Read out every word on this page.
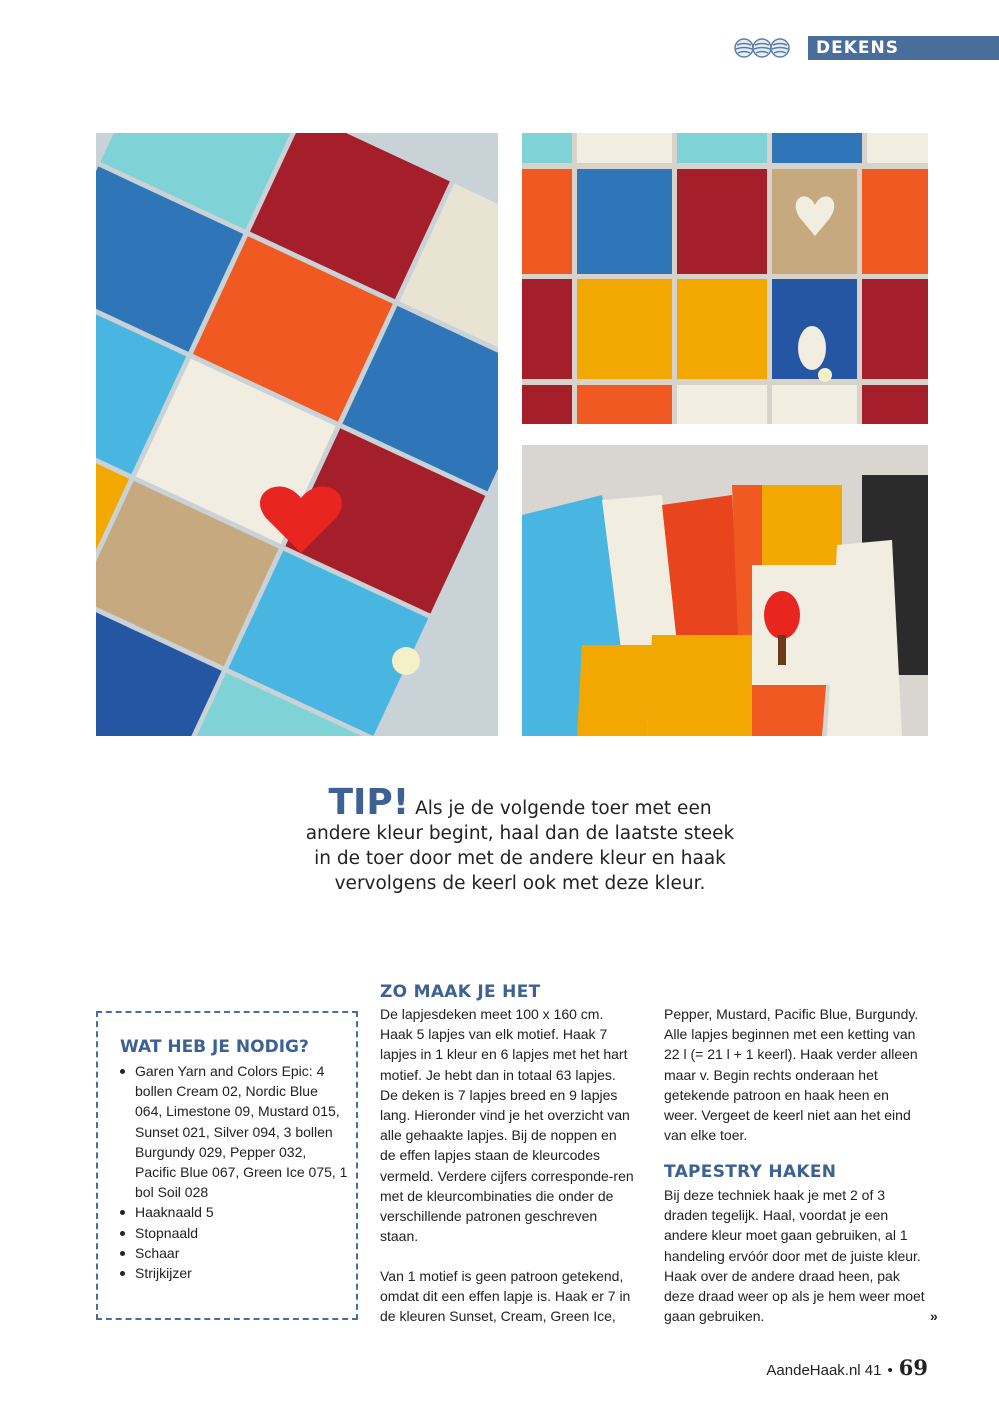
DEKENS
TIP! Als je de volgende toer met een andere kleur begint, haal dan de laatste steek in de toer door met de andere kleur en haak vervolgens de keerl ook met deze kleur.
WAT HEB JE NODIG?
Garen Yarn and Colors Epic: 4 bollen Cream 02, Nordic Blue 064, Limestone 09, Mustard 015, Sunset 021, Silver 094, 3 bollen Burgundy 029, Pepper 032, Pacific Blue 067, Green Ice 075, 1 bol Soil 028
Haaknaald 5
Stopnaald
Schaar
Strijkijzer
ZO MAAK JE HET

De lapjesdeken meet 100 x 160 cm. Haak 5 lapjes van elk motief. Haak 7 lapjes in 1 kleur en 6 lapjes met het hart motief. Je hebt dan in totaal 63 lapjes. De deken is 7 lapjes breed en 9 lapjes lang. Hieronder vind je het overzicht van alle gehaakte lapjes. Bij de noppen en de effen lapjes staan de kleurcodes vermeld. Verdere cijfers corresponde-ren met de kleurcombinaties die onder de verschillende patronen geschreven staan.

Van 1 motief is geen patroon getekend, omdat dit een effen lapje is. Haak er 7 in de kleuren Sunset, Cream, Green Ice,

Pepper, Mustard, Pacific Blue, Burgundy. Alle lapjes beginnen met een ketting van 22 l (= 21 l + 1 keerl). Haak verder alleen maar v. Begin rechts onderaan het getekende patroon en haak heen en weer. Vergeet de keerl niet aan het eind van elke toer.

TAPESTRY HAKEN

Bij deze techniek haak je met 2 of 3 draden tegelijk. Haal, voordat je een andere kleur moet gaan gebruiken, al 1 handeling ervóór door met de juiste kleur. Haak over de andere draad heen, pak deze draad weer op als je hem weer moet gaan gebruiken.	»
AandeHaak.nl 41 • 69
